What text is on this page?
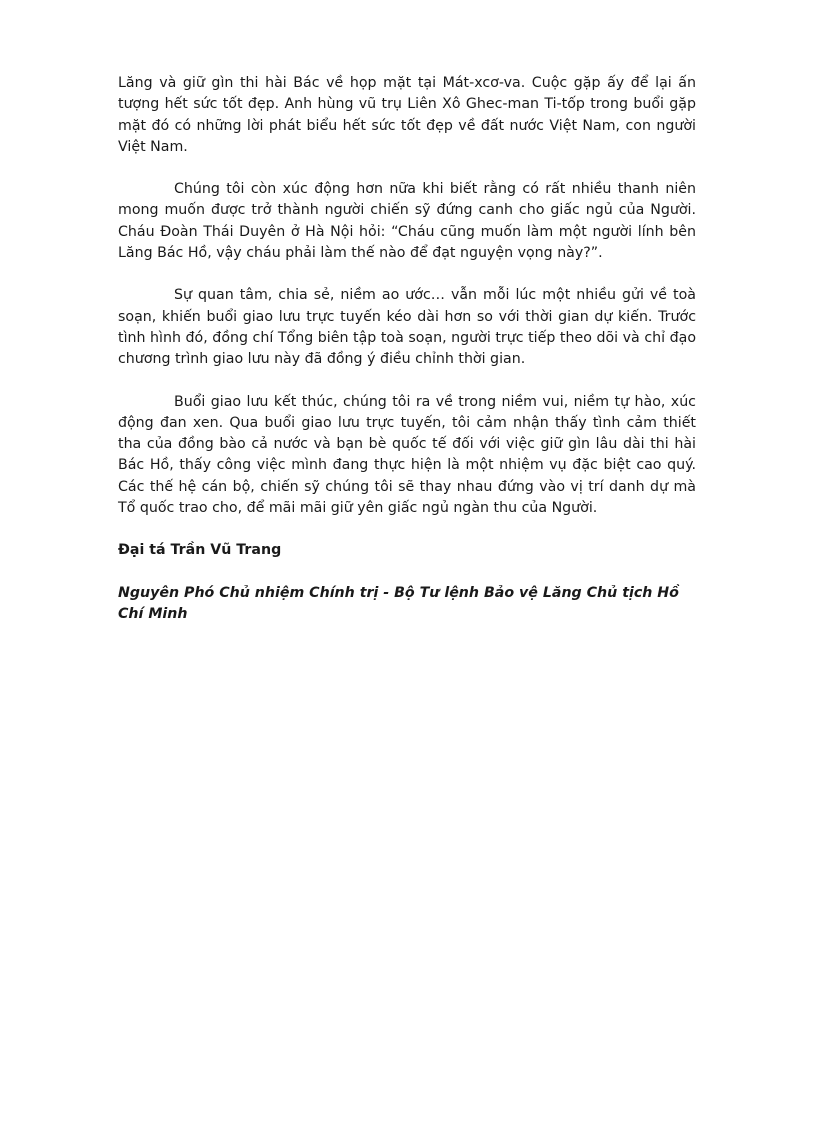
Lăng và giữ gìn thi hài Bác về họp mặt tại Mát-xcơ-va. Cuộc gặp ấy để lại ấn tượng hết sức tốt đẹp. Anh hùng vũ trụ Liên Xô Ghec-man Ti-tốp trong buổi gặp mặt đó có những lời phát biểu hết sức tốt đẹp về đất nước Việt Nam, con người Việt Nam.

Chúng tôi còn xúc động hơn nữa khi biết rằng có rất nhiều thanh niên mong muốn được trở thành người chiến sỹ đứng canh cho giấc ngủ của Người. Cháu Đoàn Thái Duyên ở Hà Nội hỏi: “Cháu cũng muốn làm một người lính bên Lăng Bác Hồ, vậy cháu phải làm thế nào để đạt nguyện vọng này?”.

Sự quan tâm, chia sẻ, niềm ao ước… vẫn mỗi lúc một nhiều gửi về toà soạn, khiến buổi giao lưu trực tuyến kéo dài hơn so với thời gian dự kiến. Trước tình hình đó, đồng chí Tổng biên tập toà soạn, người trực tiếp theo dõi và chỉ đạo chương trình giao lưu này đã đồng ý điều chỉnh thời gian.

Buổi giao lưu kết thúc, chúng tôi ra về trong niềm vui, niềm tự hào, xúc động đan xen. Qua buổi giao lưu trực tuyến, tôi cảm nhận thấy tình cảm thiết tha của đồng bào cả nước và bạn bè quốc tế đối với việc giữ gìn lâu dài thi hài Bác Hồ, thấy công việc mình đang thực hiện là một nhiệm vụ đặc biệt cao quý. Các thế hệ cán bộ, chiến sỹ chúng tôi sẽ thay nhau đứng vào vị trí danh dự mà Tổ quốc trao cho, để mãi mãi giữ yên giấc ngủ ngàn thu của Người.

Đại tá Trần Vũ Trang

Nguyên Phó Chủ nhiệm Chính trị - Bộ Tư lệnh Bảo vệ Lăng Chủ tịch Hồ Chí Minh
